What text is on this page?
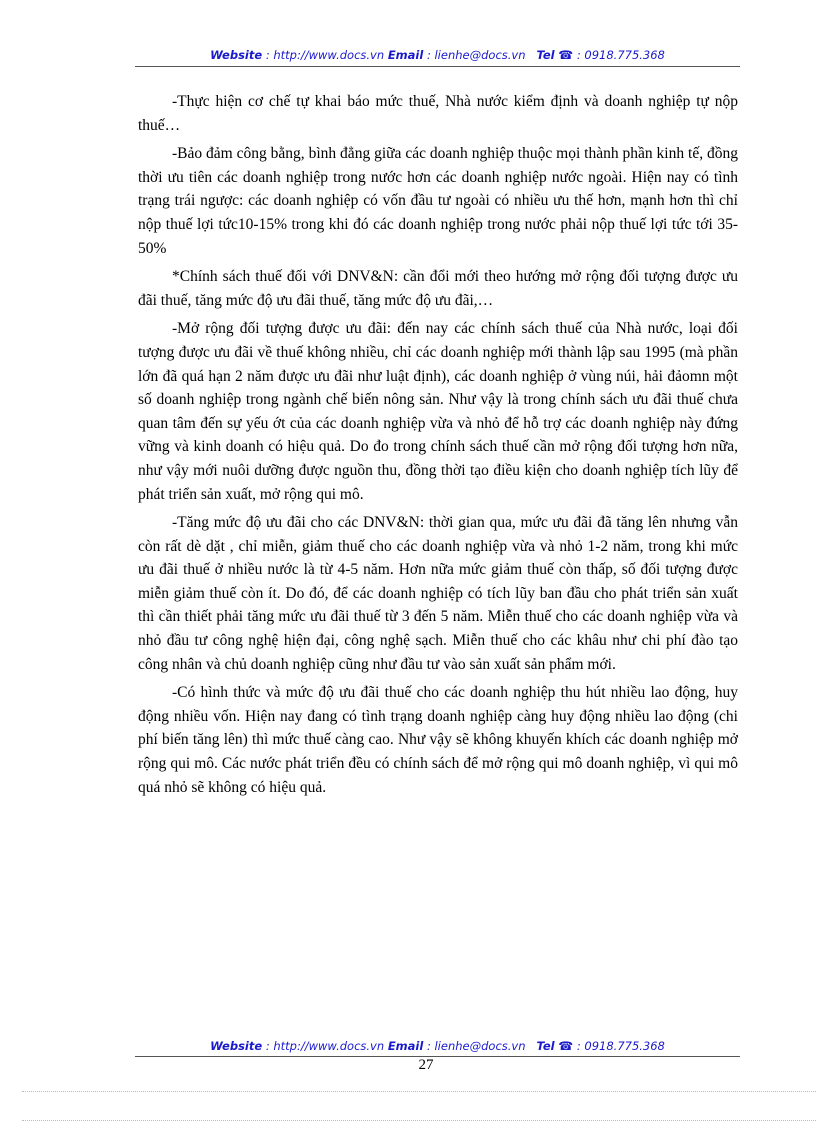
Website : http://www.docs.vn Email : lienhe@docs.vn Tel ☎ : 0918.775.368

-Thực hiện cơ chế tự khai báo mức thuế, Nhà nước kiểm định và doanh nghiệp tự nộp thuế…

-Bảo đảm công bằng, bình đẳng giữa các doanh nghiệp thuộc mọi thành phần kinh tế, đồng thời ưu tiên các doanh nghiệp trong nước hơn các doanh nghiệp nước ngoài. Hiện nay có tình trạng trái ngược: các doanh nghiệp có vốn đầu tư ngoài có nhiều ưu thế hơn, mạnh hơn thì chỉ nộp thuế lợi tức10-15% trong khi đó các doanh nghiệp trong nước phải nộp thuế lợi tức tới 35-50%

*Chính sách thuế đối với DNV&N: cần đổi mới theo hướng mở rộng đối tượng được ưu đãi thuế, tăng mức độ ưu đãi thuế, tăng mức độ ưu đãi,…

-Mở rộng đối tượng được ưu đãi: đến nay các chính sách thuế của Nhà nước, loại đối tượng được ưu đãi về thuế không nhiều, chỉ các doanh nghiệp mới thành lập sau 1995 (mà phần lớn đã quá hạn 2 năm được ưu đãi như luật định), các doanh nghiệp ở vùng núi, hải đảomn một số doanh nghiệp trong ngành chế biến nông sản. Như vậy là trong chính sách ưu đãi thuế chưa quan tâm đến sự yếu ớt của các doanh nghiệp vừa và nhỏ để hỗ trợ các doanh nghiệp này đứng vững và kinh doanh có hiệu quả. Do đo trong chính sách thuế cần mở rộng đối tượng hơn nữa, như vậy mới nuôi dưỡng được nguồn thu, đồng thời tạo điều kiện cho doanh nghiệp tích lũy để phát triển sản xuất, mở rộng qui mô.

-Tăng mức độ ưu đãi cho các DNV&N: thời gian qua, mức ưu đãi đã tăng lên nhưng vẫn còn rất dè dặt , chỉ miễn, giảm thuế cho các doanh nghiệp vừa và nhỏ 1-2 năm, trong khi mức ưu đãi thuế ở nhiều nước là từ 4-5 năm. Hơn nữa mức giảm thuế còn thấp, số đối tượng được miễn giảm thuế còn ít. Do đó, để các doanh nghiệp có tích lũy ban đầu cho phát triển sản xuất thì cần thiết phải tăng mức ưu đãi thuế từ 3 đến 5 năm. Miễn thuế cho các doanh nghiệp vừa và nhỏ đầu tư công nghệ hiện đại, công nghệ sạch. Miễn thuế cho các khâu như chi phí đào tạo công nhân và chủ doanh nghiệp cũng như đầu tư vào sản xuất sản phẩm mới.

-Có hình thức và mức độ ưu đãi thuế cho các doanh nghiệp thu hút nhiều lao động, huy động nhiều vốn. Hiện nay đang có tình trạng doanh nghiệp càng huy động nhiều lao động (chi phí biến tăng lên) thì mức thuế càng cao. Như vậy sẽ không khuyến khích các doanh nghiệp mở rộng qui mô. Các nước phát triển đều có chính sách để mở rộng qui mô doanh nghiệp, vì qui mô quá nhỏ sẽ không có hiệu quả.

Website : http://www.docs.vn Email : lienhe@docs.vn Tel ☎ : 0918.775.368
27
